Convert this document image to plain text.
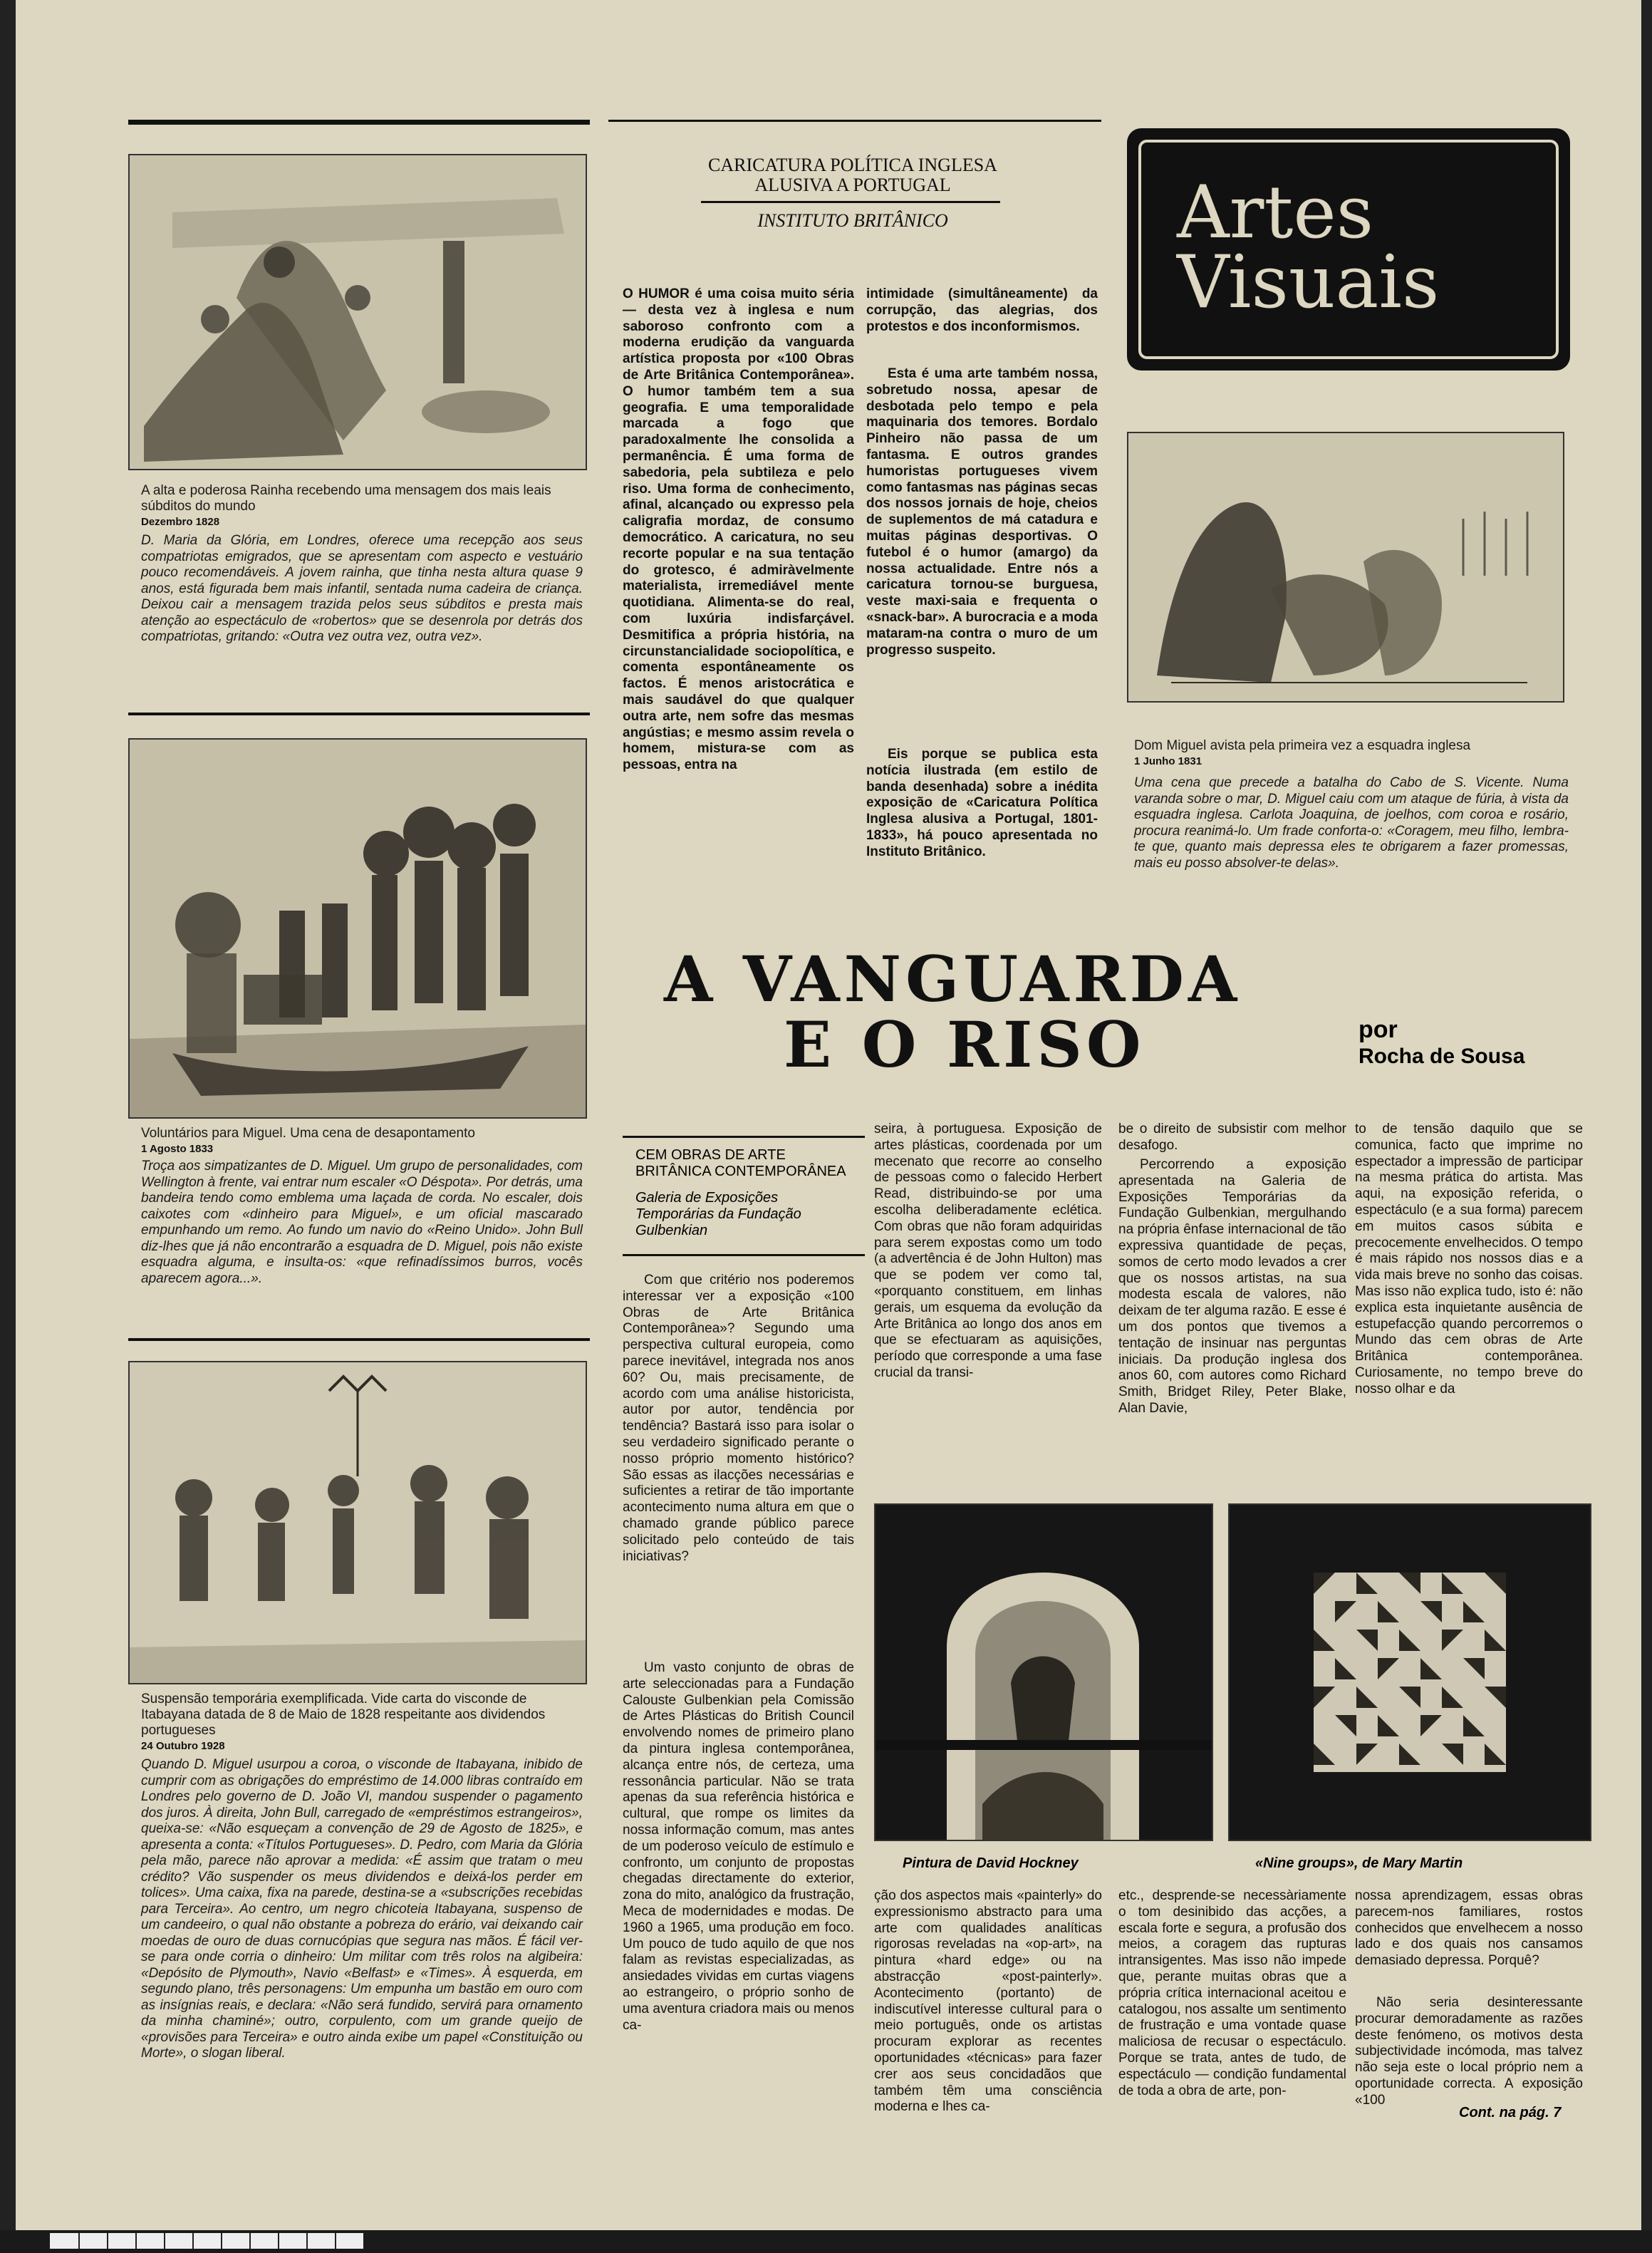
A alta e poderosa Rainha recebendo uma mensagem dos mais leais súbditos do mundo
Dezembro 1828
D. Maria da Glória, em Londres, oferece uma recepção aos seus compatriotas emigrados, que se apresentam com aspecto e vestuário pouco recomendáveis. A jovem rainha, que tinha nesta altura quase 9 anos, está figurada bem mais infantil, sentada numa cadeira de criança. Deixou cair a mensagem trazida pelos seus súbditos e presta mais atenção ao espectáculo de «robertos» que se desenrola por detrás dos compatriotas, gritando: «Outra vez outra vez, outra vez».
Voluntários para Miguel. Uma cena de desapontamento
1 Agosto 1833
Troça aos simpatizantes de D. Miguel. Um grupo de personalidades, com Wellington à frente, vai entrar num escaler «O Déspota». Por detrás, uma bandeira tendo como emblema uma laçada de corda. No escaler, dois caixotes com «dinheiro para Miguel», e um oficial mascarado empunhando um remo. Ao fundo um navio do «Reino Unido». John Bull diz-lhes que já não encontrarão a esquadra de D. Miguel, pois não existe esquadra alguma, e insulta-os: «que refinadíssimos burros, vocês aparecem agora...».
Suspensão temporária exemplificada. Vide carta do visconde de Itabayana datada de 8 de Maio de 1828 respeitante aos dividendos portugueses
24 Outubro 1928
Quando D. Miguel usurpou a coroa, o visconde de Itabayana, inibido de cumprir com as obrigações do empréstimo de 14.000 libras contraído em Londres pelo governo de D. João VI, mandou suspender o pagamento dos juros. À direita, John Bull, carregado de «empréstimos estrangeiros», queixa-se: «Não esqueçam a convenção de 29 de Agosto de 1825», e apresenta a conta: «Títulos Portugueses». D. Pedro, com Maria da Glória pela mão, parece não aprovar a medida: «É assim que tratam o meu crédito? Vão suspender os meus dividendos e deixá-los perder em tolices». Uma caixa, fixa na parede, destina-se a «subscrições recebidas para Terceira». Ao centro, um negro chicoteia Itabayana, suspenso de um candeeiro, o qual não obstante a pobreza do erário, vai deixando cair moedas de ouro de duas cornucópias que segura nas mãos. É fácil ver-se para onde corria o dinheiro: Um militar com três rolos na algibeira: «Depósito de Plymouth», Navio «Belfast» e «Times». À esquerda, em segundo plano, três personagens: Um empunha um bastão em ouro com as insígnias reais, e declara: «Não será fundido, servirá para ornamento da minha chaminé»; outro, corpulento, com um grande queijo de «provisões para Terceira» e outro ainda exibe um papel «Constituição ou Morte», o slogan liberal.
CARICATURA POLÍTICA INGLESA
ALUSIVA A PORTUGAL
INSTITUTO BRITÂNICO
O HUMOR é uma coisa muito séria — desta vez à inglesa e num saboroso confronto com a moderna erudição da vanguarda artística proposta por «100 Obras de Arte Britânica Contemporânea». O humor também tem a sua geografia. E uma temporalidade marcada a fogo que paradoxalmente lhe consolida a permanência. É uma forma de sabedoria, pela subtileza e pelo riso. Uma forma de conhecimento, afinal, alcançado ou expresso pela caligrafia mordaz, de consumo democrático. A caricatura, no seu recorte popular e na sua tentação do grotesco, é admiràvelmente materialista, irremediável mente quotidiana. Alimenta-se do real, com luxúria indisfarçável. Desmitifica a própria história, na circunstancialidade sociopolítica, e comenta espontâneamente os factos. É menos aristocrática e mais saudável do que qualquer outra arte, nem sofre das mesmas angústias; e mesmo assim revela o homem, mistura-se com as pessoas, entra na
intimidade (simultâneamente) da corrupção, das alegrias, dos protestos e dos inconformismos.
Esta é uma arte também nossa, sobretudo nossa, apesar de desbotada pelo tempo e pela maquinaria dos temores. Bordalo Pinheiro não passa de um fantasma. E outros grandes humoristas portugueses vivem como fantasmas nas páginas secas dos nossos jornais de hoje, cheios de suplementos de má catadura e muitas páginas desportivas. O futebol é o humor (amargo) da nossa actualidade. Entre nós a caricatura tornou-se burguesa, veste maxi-saia e frequenta o «snack-bar». A burocracia e a moda mataram-na contra o muro de um progresso suspeito.
Eis porque se publica esta notícia ilustrada (em estilo de banda desenhada) sobre a inédita exposição de «Caricatura Política Inglesa alusiva a Portugal, 1801-1833», há pouco apresentada no Instituto Britânico.
Artes
Visuais
Dom Miguel avista pela primeira vez a esquadra inglesa
1 Junho 1831
Uma cena que precede a batalha do Cabo de S. Vicente. Numa varanda sobre o mar, D. Miguel caiu com um ataque de fúria, à vista da esquadra inglesa. Carlota Joaquina, de joelhos, com coroa e rosário, procura reanimá-lo. Um frade conforta-o: «Coragem, meu filho, lembra-te que, quanto mais depressa eles te obrigarem a fazer promessas, mais eu posso absolver-te delas».
A VANGUARDA
E O RISO	por
Rocha de Sousa
CEM OBRAS DE ARTE BRITÂNICA CONTEMPORÂNEA
Galeria de Exposições Temporárias da Fundação Gulbenkian
Com que critério nos poderemos interessar ver a exposição «100 Obras de Arte Britânica Contemporânea»? Segundo uma perspectiva cultural europeia, como parece inevitável, integrada nos anos 60? Ou, mais precisamente, de acordo com uma análise historicista, autor por autor, tendência por tendência? Bastará isso para isolar o seu verdadeiro significado perante o nosso próprio momento histórico? São essas as ilacções necessárias e suficientes a retirar de tão importante acontecimento numa altura em que o chamado grande público parece solicitado pelo conteúdo de tais iniciativas?
Um vasto conjunto de obras de arte seleccionadas para a Fundação Calouste Gulbenkian pela Comissão de Artes Plásticas do British Council envolvendo nomes de primeiro plano da pintura inglesa contemporânea, alcança entre nós, de certeza, uma ressonância particular. Não se trata apenas da sua referência histórica e cultural, que rompe os limites da nossa informação comum, mas antes de um poderoso veículo de estímulo e confronto, um conjunto de propostas chegadas directamente do exterior, zona do mito, analógico da frustração, Meca de modernidades e modas. De 1960 a 1965, uma produção em foco. Um pouco de tudo aquilo de que nos falam as revistas especializadas, as ansiedades vividas em curtas viagens ao estrangeiro, o próprio sonho de uma aventura criadora mais ou menos ca-
seira, à portuguesa. Exposição de artes plásticas, coordenada por um mecenato que recorre ao conselho de pessoas como o falecido Herbert Read, distribuindo-se por uma escolha deliberadamente eclética. Com obras que não foram adquiridas para serem expostas como um todo (a advertência é de John Hulton) mas que se podem ver como tal, «porquanto constituem, em linhas gerais, um esquema da evolução da Arte Britânica ao longo dos anos em que se efectuaram as aquisições, período que corresponde a uma fase crucial da transi-
be o direito de subsistir com melhor desafogo.
Percorrendo a exposição apresentada na Galeria de Exposições Temporárias da Fundação Gulbenkian, mergulhando na própria ênfase internacional de tão expressiva quantidade de peças, somos de certo modo levados a crer que os nossos artistas, na sua modesta escala de valores, não deixam de ter alguma razão. E esse é um dos pontos que tivemos a tentação de insinuar nas perguntas iniciais. Da produção inglesa dos anos 60, com autores como Richard Smith, Bridget Riley, Peter Blake, Alan Davie,
to de tensão daquilo que se comunica, facto que imprime no espectador a impressão de participar na mesma prática do artista. Mas aqui, na exposição referida, o espectáculo (e a sua forma) parecem em muitos casos súbita e precocemente envelhecidos. O tempo é mais rápido nos nossos dias e a vida mais breve no sonho das coisas. Mas isso não explica tudo, isto é: não explica esta inquietante ausência de estupefacção quando percorremos o Mundo das cem obras de Arte Britânica contemporânea. Curiosamente, no tempo breve do nosso olhar e da
Pintura de David Hockney	«Nine groups», de Mary Martin
ção dos aspectos mais «painterly» do expressionismo abstracto para uma arte com qualidades analíticas rigorosas reveladas na «op-art», na pintura «hard edge» ou na abstracção «post-painterly». Acontecimento (portanto) de indiscutível interesse cultural para o meio português, onde os artistas procuram explorar as recentes oportunidades «técnicas» para fazer crer aos seus concidadãos que também têm uma consciência moderna e lhes ca-
etc., desprende-se necessàriamente o tom desinibido das acções, a escala forte e segura, a profusão dos meios, a coragem das rupturas intransigentes. Mas isso não impede que, perante muitas obras que a própria crítica internacional aceitou e catalogou, nos assalte um sentimento de frustração e uma vontade quase maliciosa de recusar o espectáculo. Porque se trata, antes de tudo, de espectáculo — condição fundamental de toda a obra de arte, pon-
nossa aprendizagem, essas obras parecem-nos familiares, rostos conhecidos que envelhecem a nosso lado e dos quais nos cansamos demasiado depressa. Porquê?
Não seria desinteressante procurar demoradamente as razões deste fenómeno, os motivos desta subjectividade incómoda, mas talvez não seja este o local próprio nem a oportunidade correcta. A exposição «100
Cont. na pág. 7
